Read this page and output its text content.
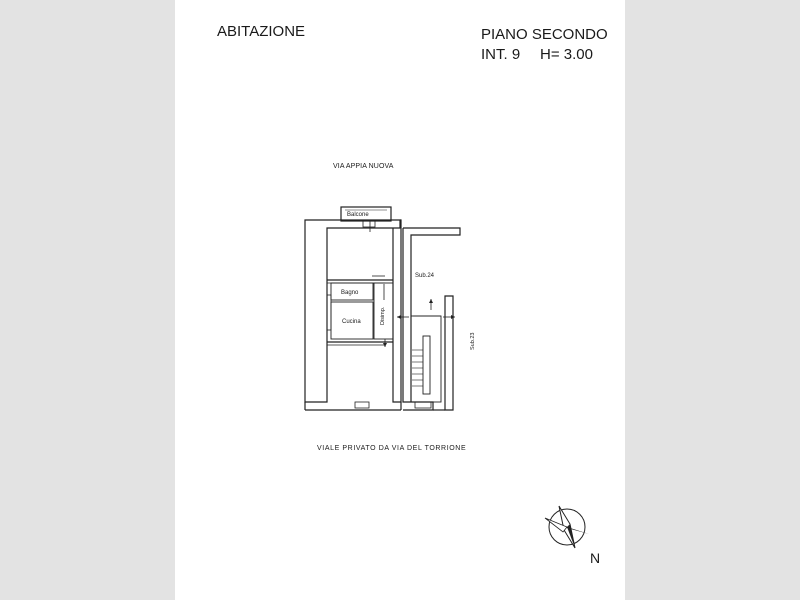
ABITAZIONE	PIANO SECONDO
INT. 9 H= 3.00
VIA APPIA NUOVA
VIALE PRIVATO DA VIA DEL TORRIONE
N
Balcone
Bagno
Cucina	Disimp.
Sub.24
Sub.23
